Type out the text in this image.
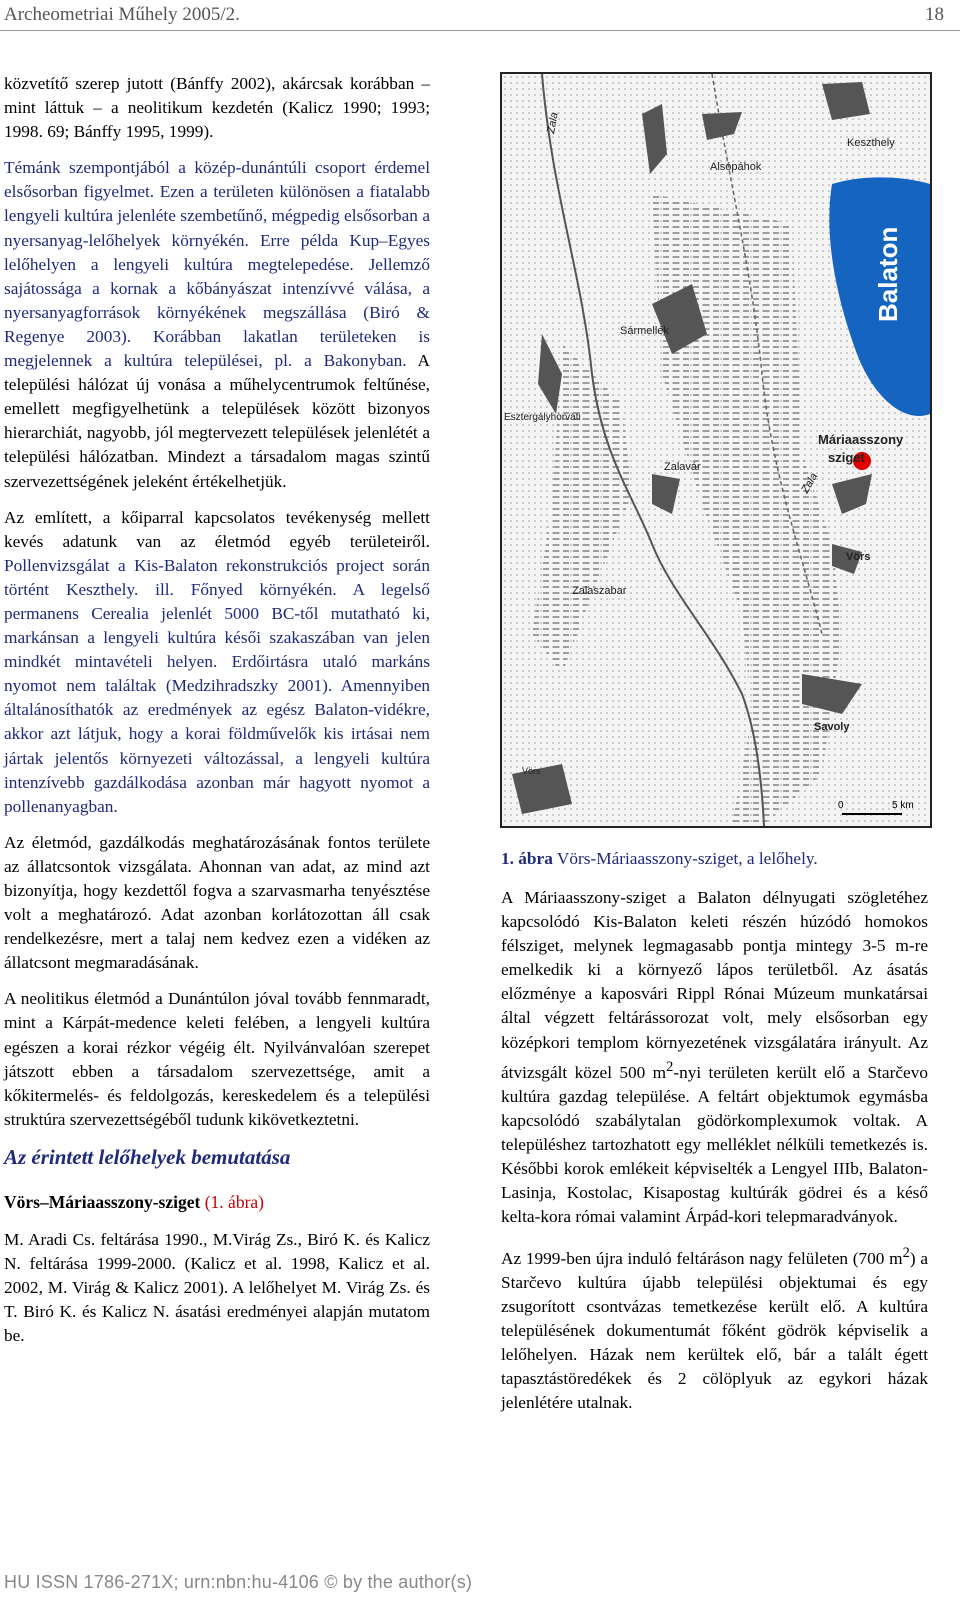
Archeometriai Műhely 2005/2.	18

közvetítő szerep jutott (Bánffy 2002), akárcsak korábban – mint láttuk – a neolitikum kezdetén (Kalicz 1990; 1993; 1998. 69; Bánffy 1995, 1999).

Témánk szempontjából a közép-dunántúli csoport érdemel elsősorban figyelmet. Ezen a területen különösen a fiatalabb lengyeli kultúra jelenléte szembetűnő, mégpedig elsősorban a nyersanyag-lelőhelyek környékén. Erre példa Kup–Egyes lelőhelyen a lengyeli kultúra megtelepedése. Jellemző sajátossága a kornak a kőbányászat intenzívvé válása, a nyersanyagforrások környékének megszállása (Biró & Regenye 2003). Korábban lakatlan területeken is megjelennek a kultúra települései, pl. a Bakonyban. A települési hálózat új vonása a műhelycentrumok feltűnése, emellett megfigyelhetünk a települések között bizonyos hierarchiát, nagyobb, jól megtervezett települések jelenlétét a települési hálózatban. Mindezt a társadalom magas szintű szervezettségének jeleként értékelhetjük.

Az említett, a kőiparral kapcsolatos tevékenység mellett kevés adatunk van az életmód egyéb területeiről. Pollenvizsgálat a Kis-Balaton rekonstrukciós project során történt Keszthely. ill. Főnyed környékén. A legelső permanens Cerealia jelenlét 5000 BC-től mutatható ki, markánsan a lengyeli kultúra késői szakaszában van jelen mindkét mintavételi helyen. Erdőirtásra utaló markáns nyomot nem találtak (Medzihradszky 2001). Amennyiben általánosíthatók az eredmények az egész Balaton-vidékre, akkor azt látjuk, hogy a korai földművelők kis irtásai nem jártak jelentős környezeti változással, a lengyeli kultúra intenzívebb gazdálkodása azonban már hagyott nyomot a pollenanyagban.

Az életmód, gazdálkodás meghatározásának fontos területe az állatcsontok vizsgálata. Ahonnan van adat, az mind azt bizonyítja, hogy kezdettől fogva a szarvasmarha tenyésztése volt a meghatározó. Adat azonban korlátozottan áll csak rendelkezésre, mert a talaj nem kedvez ezen a vidéken az állatcsont megmaradásának.

A neolitikus életmód a Dunántúlon jóval tovább fennmaradt, mint a Kárpát-medence keleti felében, a lengyeli kultúra egészen a korai rézkor végéig élt. Nyilvánvalóan szerepet játszott ebben a társadalom szervezettsége, amit a kőkitermelés- és feldolgozás, kereskedelem és a települési struktúra szervezettségéből tudunk kikövetkeztetni.

Az érintett lelőhelyek bemutatása
Vörs–Máriaasszony-sziget (1. ábra)

M. Aradi Cs. feltárása 1990., M.Virág Zs., Biró K. és Kalicz N. feltárása 1999-2000. (Kalicz et al. 1998, Kalicz et al. 2002, M. Virág & Kalicz 2001). A lelőhelyet M. Virág Zs. és T. Biró K. és Kalicz N. ásatási eredményei alapján mutatom be.

Zala
Keszthely
Alsópáhok
Balaton
Sármellék
Esztergályhorváti
Zalavár
Zala
Máriaasszony
sziget
Vörs
Zalaszabar
Savoly
Vörs
0	5 km
1. ábra Vörs-Máriaasszony-sziget, a lelőhely.

A Máriaasszony-sziget a Balaton délnyugati szögletéhez kapcsolódó Kis-Balaton keleti részén húzódó homokos félsziget, melynek legmagasabb pontja mintegy 3-5 m-re emelkedik ki a környező lápos területből. Az ásatás előzménye a kaposvári Rippl Rónai Múzeum munkatársai által végzett feltárássorozat volt, mely elsősorban egy középkori templom környezetének vizsgálatára irányult. Az átvizsgált közel 500 $m^2$-nyi területen került elő a Starčevo kultúra gazdag települése. A feltárt objektumok egymásba kapcsolódó szabálytalan gödörkomplexumok voltak. A településhez tartozhatott egy melléklet nélküli temetkezés is. Későbbi korok emlékeit képviselték a Lengyel IIIb, Balaton-Lasinja, Kostolac, Kisapostag kultúrák gödrei és a késő kelta-kora római valamint Árpád-kori telepmaradványok.

Az 1999-ben újra induló feltáráson nagy felületen (700 $m^2$) a Starčevo kultúra újabb települési objektumai és egy zsugorított csontvázas temetkezése került elő. A kultúra településének dokumentumát főként gödrök képviselik a lelőhelyen. Házak nem kerültek elő, bár a talált égett tapasztástöredékek és 2 cölöplyuk az egykori házak jelenlétére utalnak.

HU ISSN 1786-271X; urn:nbn:hu-4106 © by the author(s)
